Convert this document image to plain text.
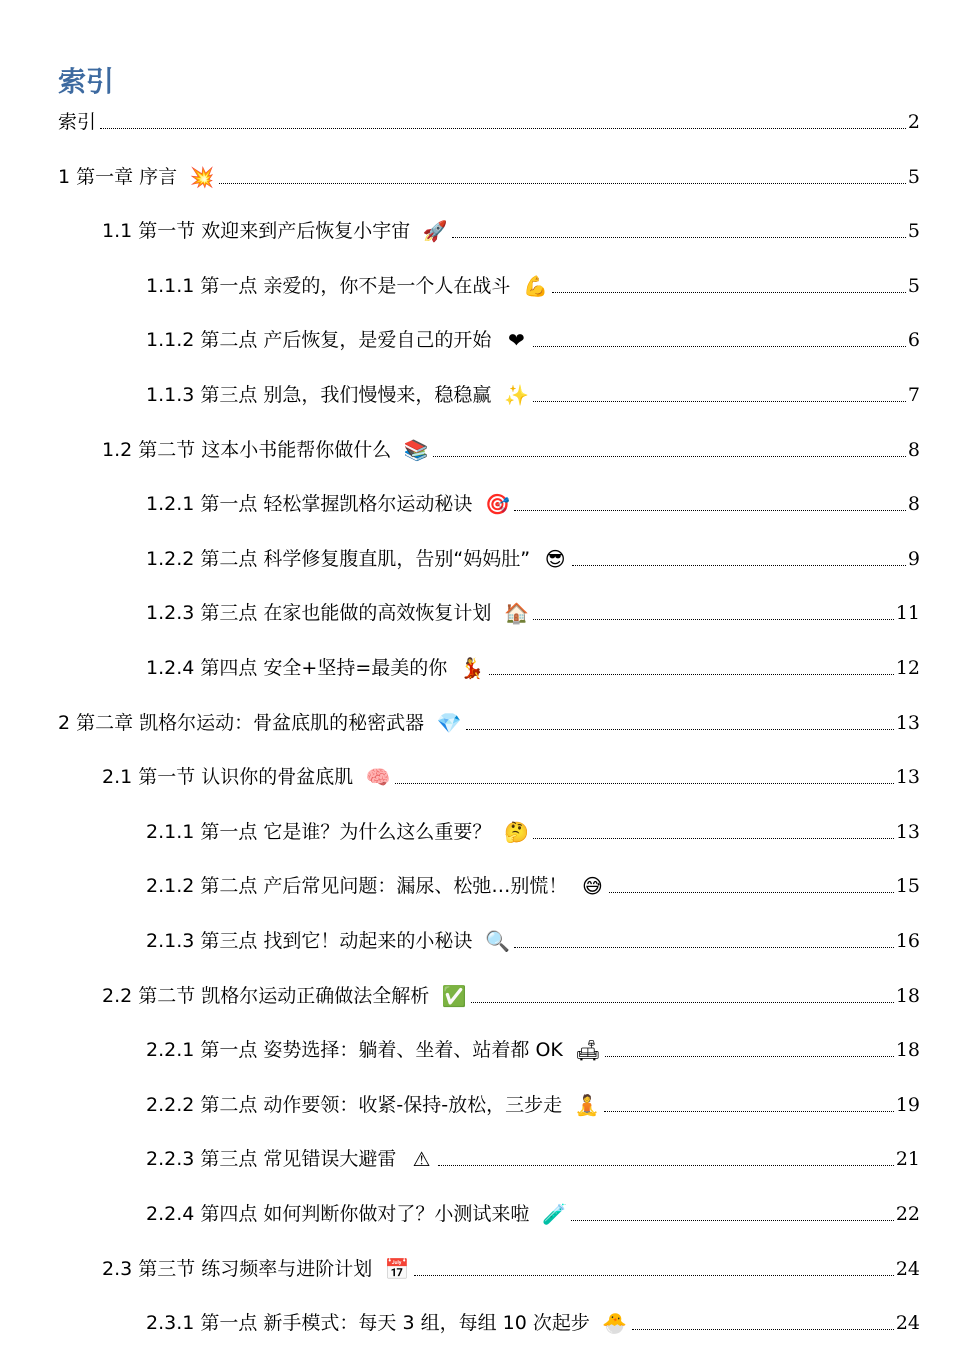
索引
索引	2
1 第一章 序言 💥	5
1.1 第一节 欢迎来到产后恢复小宇宙 🚀	5
1.1.1 第一点 亲爱的，你不是一个人在战斗 💪	5
1.1.2 第二点 产后恢复，是爱自己的开始 ❤	6
1.1.3 第三点 别急，我们慢慢来，稳稳赢 ✨	7
1.2 第二节 这本小书能帮你做什么 📚	8
1.2.1 第一点 轻松掌握凯格尔运动秘诀 🎯	8
1.2.2 第二点 科学修复腹直肌，告别“妈妈肚” 😎	9
1.2.3 第三点 在家也能做的高效恢复计划 🏠	11
1.2.4 第四点 安全+坚持=最美的你 💃	12
2 第二章 凯格尔运动：骨盆底肌的秘密武器 💎	13
2.1 第一节 认识你的骨盆底肌 🧠	13
2.1.1 第一点 它是谁？为什么这么重要？ 🤔	13
2.1.2 第二点 产后常见问题：漏尿、松弛…别慌！ 😅	15
2.1.3 第三点 找到它！动起来的小秘诀 🔍	16
2.2 第二节 凯格尔运动正确做法全解析 ✅	18
2.2.1 第一点 姿势选择：躺着、坐着、站着都 OK 🛋	18
2.2.2 第二点 动作要领：收紧-保持-放松，三步走 🧘	19
2.2.3 第三点 常见错误大避雷 ⚠	21
2.2.4 第四点 如何判断你做对了？小测试来啦 🧪	22
2.3 第三节 练习频率与进阶计划 📅	24
2.3.1 第一点 新手模式：每天 3 组，每组 10 次起步 🐣	24
